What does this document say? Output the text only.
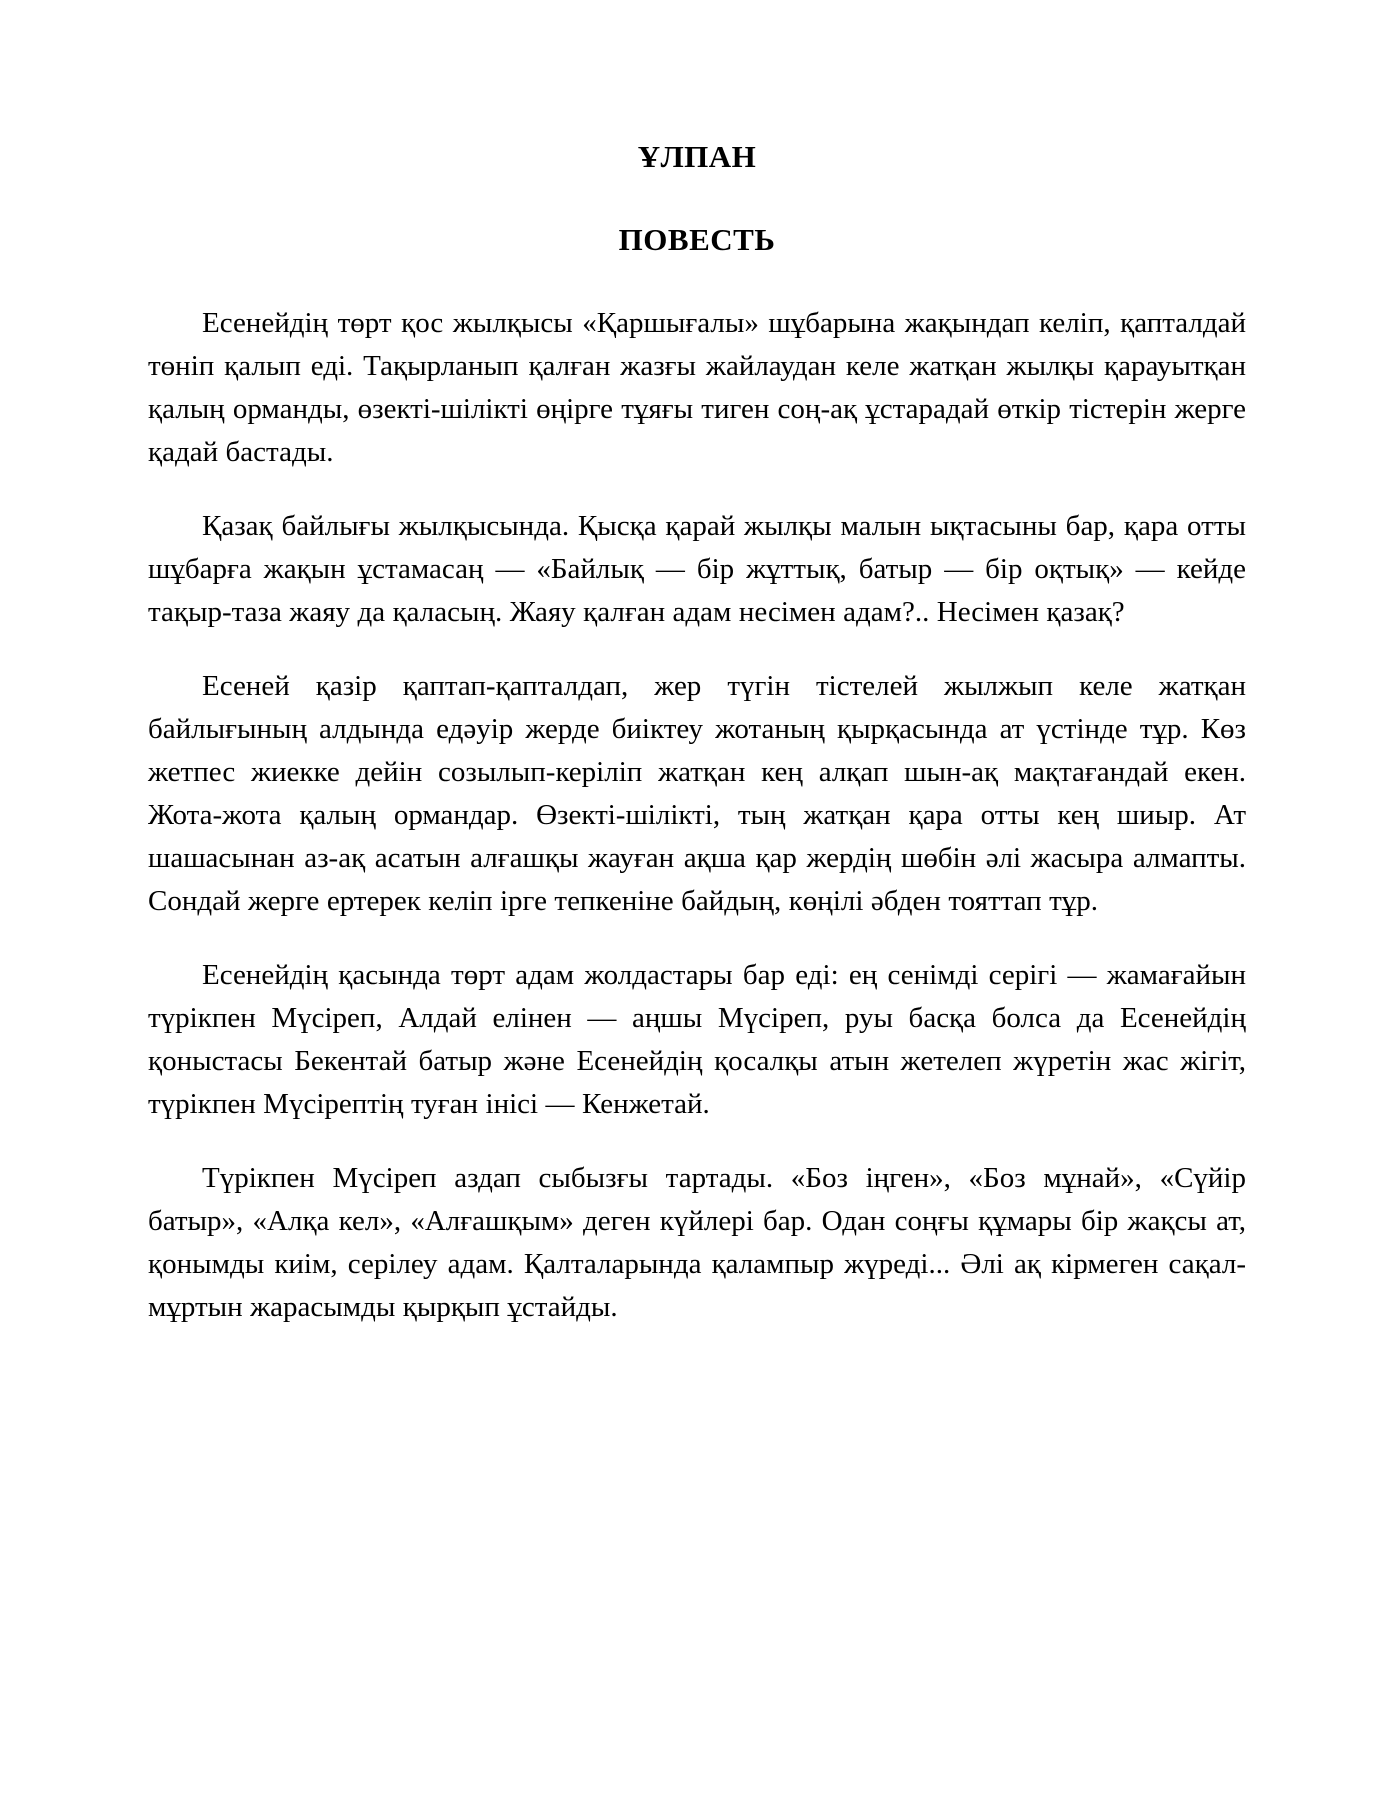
ҰЛПАН
ПОВЕСТЬ

Есенейдің төрт қос жылқысы «Қаршығалы» шұбарына жақындап келіп, қапталдай төніп қалып еді. Тақырланып қалған жазғы жайлаудан келе жатқан жылқы қарауытқан қалың орманды, өзекті-шілікті өңірге тұяғы тиген соң-ақ ұстарадай өткір тістерін жерге қадай бастады.

Қазақ байлығы жылқысында. Қысқа қарай жылқы малын ықтасыны бар, қара отты шұбарға жақын ұстамасаң — «Байлық — бір жұттық, батыр — бір оқтық» — кейде тақыр-таза жаяу да қаласың. Жаяу қалған адам несімен адам?.. Несімен қазақ?

Есеней қазір қаптап-қапталдап, жер түгін тістелей жылжып келе жатқан байлығының алдында едәуір жерде биіктеу жотаның қырқасында ат үстінде тұр. Көз жетпес жиекке дейін созылып-керіліп жатқан кең алқап шын-ақ мақтағандай екен. Жота-жота қалың ормандар. Өзекті-шілікті, тың жатқан қара отты кең шиыр. Ат шашасынан аз-ақ асатын алғашқы жауған ақша қар жердің шөбін әлі жасыра алмапты. Сондай жерге ертерек келіп ірге тепкеніне байдың, көңілі әбден тояттап тұр.

Есенейдің қасында төрт адам жолдастары бар еді: ең сенімді серігі — жамағайын түрікпен Мүсіреп, Алдай елінен — аңшы Мүсіреп, руы басқа болса да Есенейдің қоныстасы Бекентай батыр және Есенейдің қосалқы атын жетелеп жүретін жас жігіт, түрікпен Мүсірептің туған інісі — Кенжетай.

Түрікпен Мүсіреп аздап сыбызғы тартады. «Боз іңген», «Боз мұнай», «Сүйір батыр», «Алқа кел», «Алғашқым» деген күйлері бар. Одан соңғы құмары бір жақсы ат, қонымды киім, серілеу адам. Қалталарында қалампыр жүреді... Әлі ақ кірмеген сақал-мұртын жарасымды қырқып ұстайды.
